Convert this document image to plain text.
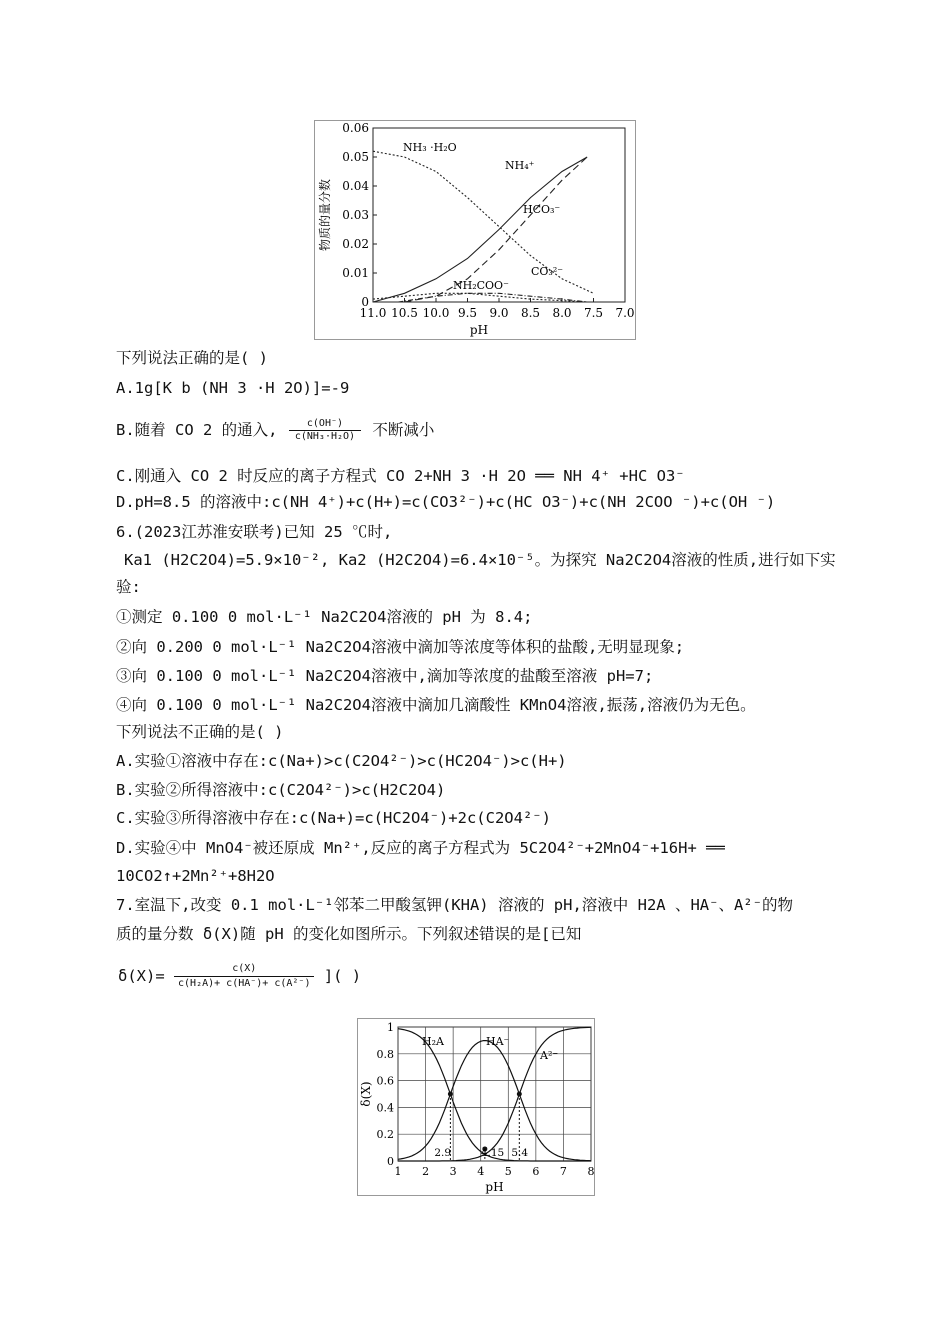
11.0 10.5 10.0 9.5 9.0 8.5 8.0 7.5 7.0
0
0.01
0.02
0.03
0.04
0.05
0.06
pH
物质的量分数
NH₃ ·H₂O
NH₄⁺
HCO₃⁻
NH₂COO⁻
CO₃²⁻
下列说法正确的是( )
A.1g[K b (NH 3 ·H 2O)]=-9
B.随着 CO 2 的通入, $\frac{c(OH^-)}{\text{c(NH₃·H₂O)}}$ 不断减小
C.刚通入 CO 2 时反应的离子方程式 CO 2+NH 3 ·H 2O ══ NH 4⁺ +HC O3⁻
D.pH=8.5 的溶液中:c(NH 4⁺)+c(H+)=c(CO3²⁻)+c(HC O3⁻)+c(NH 2COO ⁻)+c(OH ⁻)
6.(2023江苏淮安联考)已知 25 ℃时,
Ka1 (H2C2O4)=5.9×10⁻², Ka2 (H2C2O4)=6.4×10⁻⁵。为探究 Na2C2O4溶液的性质,进行如下实
验:
①测定 0.100 0 mol·L⁻¹ Na2C2O4溶液的 pH 为 8.4;
②向 0.200 0 mol·L⁻¹ Na2C2O4溶液中滴加等浓度等体积的盐酸,无明显现象;
③向 0.100 0 mol·L⁻¹ Na2C2O4溶液中,滴加等浓度的盐酸至溶液 pH=7;
④向 0.100 0 mol·L⁻¹ Na2C2O4溶液中滴加几滴酸性 KMnO4溶液,振荡,溶液仍为无色。
下列说法不正确的是( )
A.实验①溶液中存在:c(Na+)>c(C2O4²⁻)>c(HC2O4⁻)>c(H+)
B.实验②所得溶液中:c(C2O4²⁻)>c(H2C2O4)
C.实验③所得溶液中存在:c(Na+)=c(HC2O4⁻)+2c(C2O4²⁻)
D.实验④中 MnO4⁻被还原成 Mn²⁺,反应的离子方程式为 5C2O4²⁻+2MnO4⁻+16H+ ══
10CO2↑+2Mn²⁺+8H2O
7.室温下,改变 0.1 mol·L⁻¹邻苯二甲酸氢钾(KHA) 溶液的 pH,溶液中 H2A 、HA⁻、A²⁻的物
质的量分数 δ(X)随 pH 的变化如图所示。下列叙述错误的是[已知
$\delta(X)= \frac{c(X)}{\text{c(H₂A)+ c(HA⁻)+ c(A²⁻)}}$ ]( )
1 2 3 4 5 6 7 8
0
0.2
0.4
0.6
0.8
1
pH
δ(X)
H₂A	HA⁻
A²⁻
2.9	4.15 5.4
